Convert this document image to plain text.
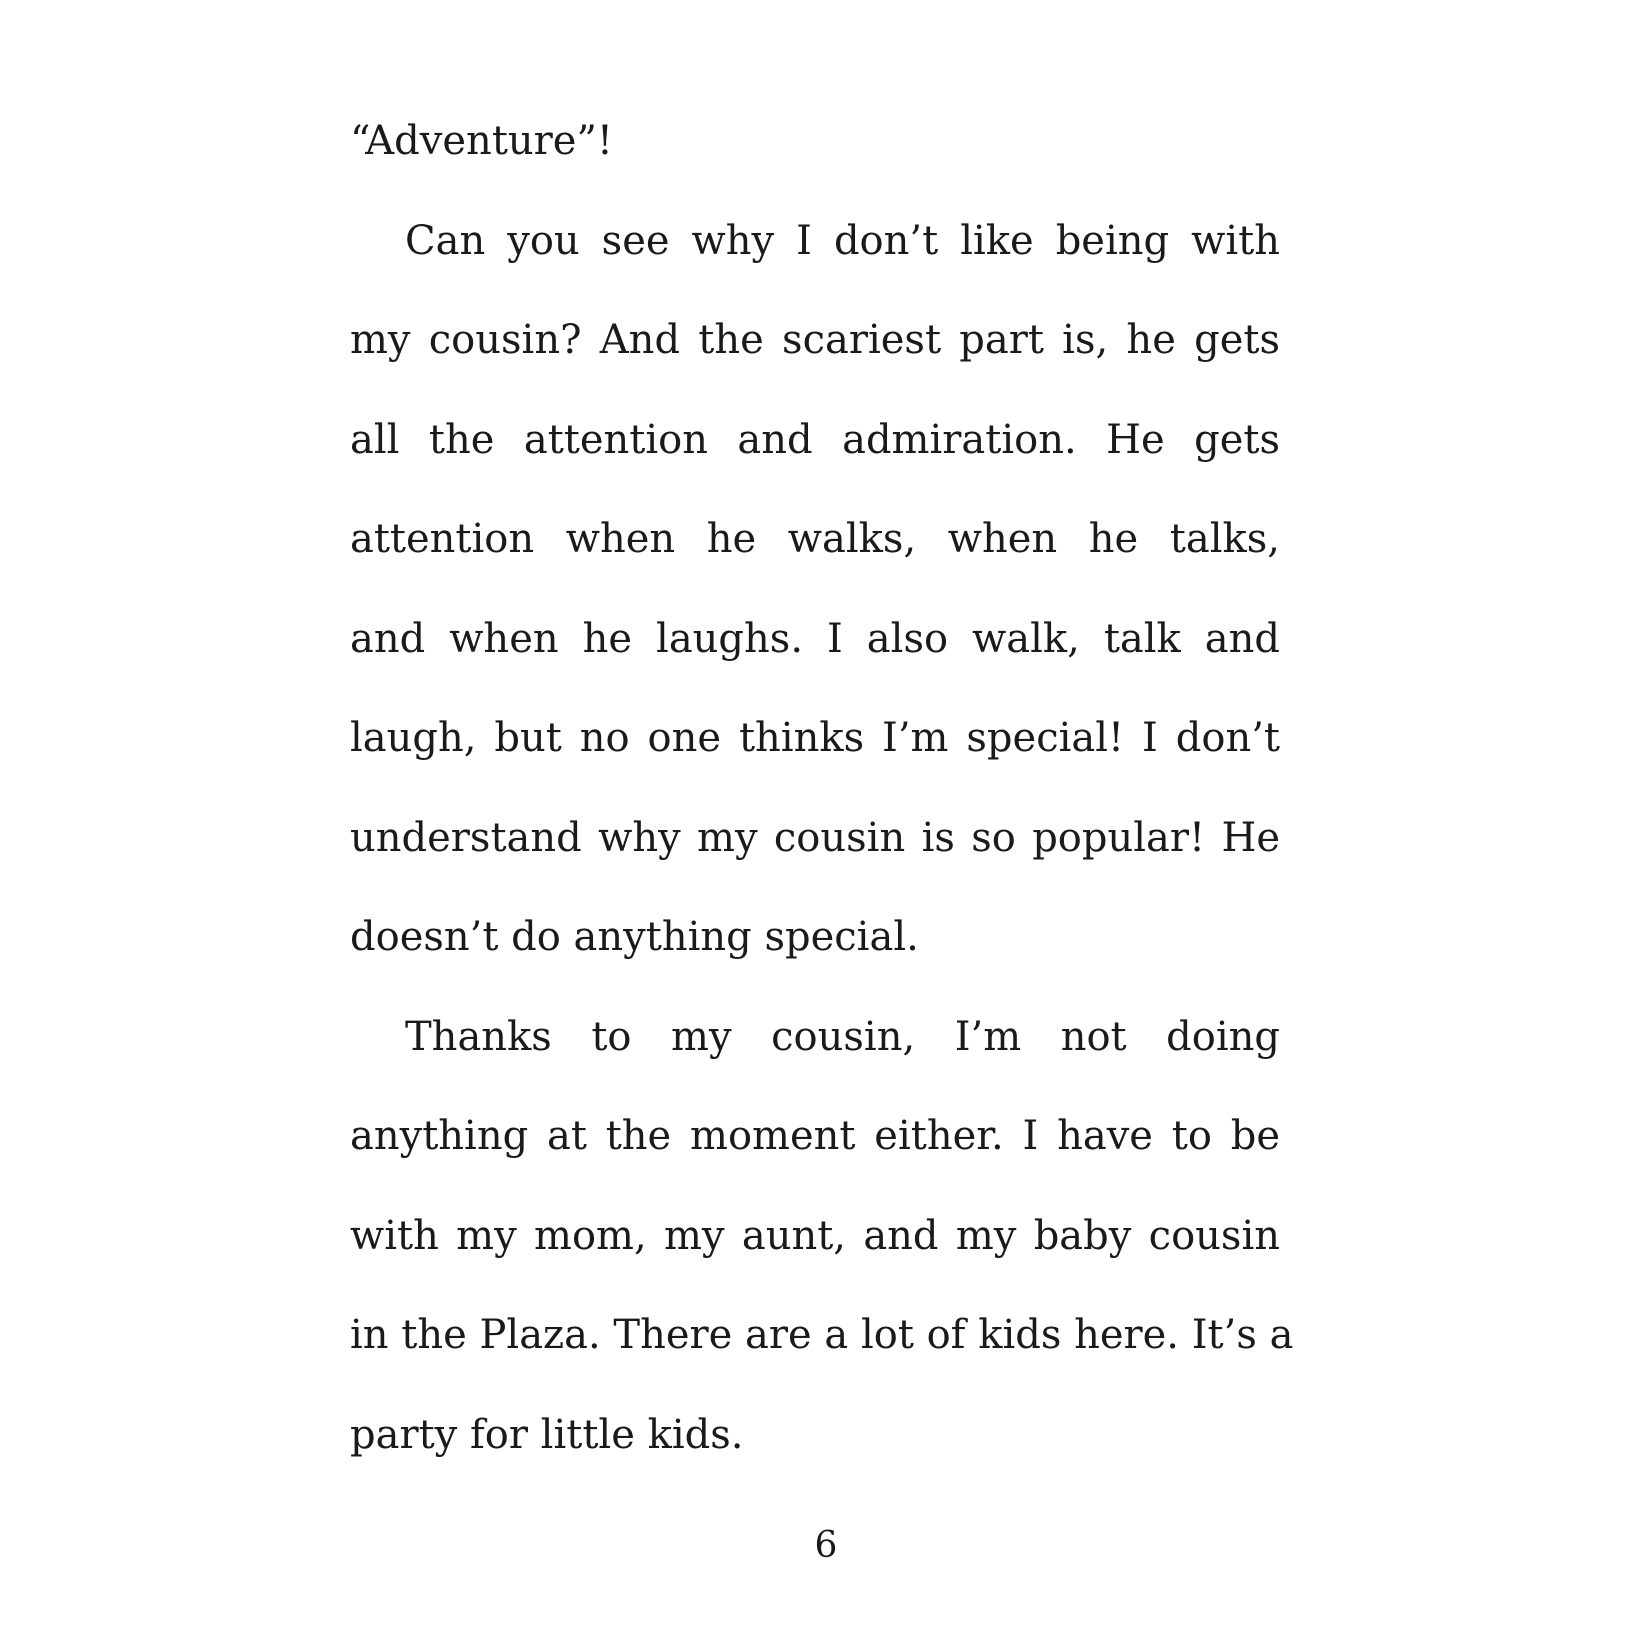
“Adventure”!
Can you see why I don’t like being with
my cousin? And the scariest part is, he gets
all the attention and admiration. He gets
attention when he walks, when he talks,
and when he laughs. I also walk, talk and
laugh, but no one thinks I’m special! I don’t
understand why my cousin is so popular! He
doesn’t do anything special.
Thanks to my cousin, I’m not doing
anything at the moment either. I have to be
with my mom, my aunt, and my baby cousin
in the Plaza. There are a lot of kids here. It’s a
party for little kids.
6
